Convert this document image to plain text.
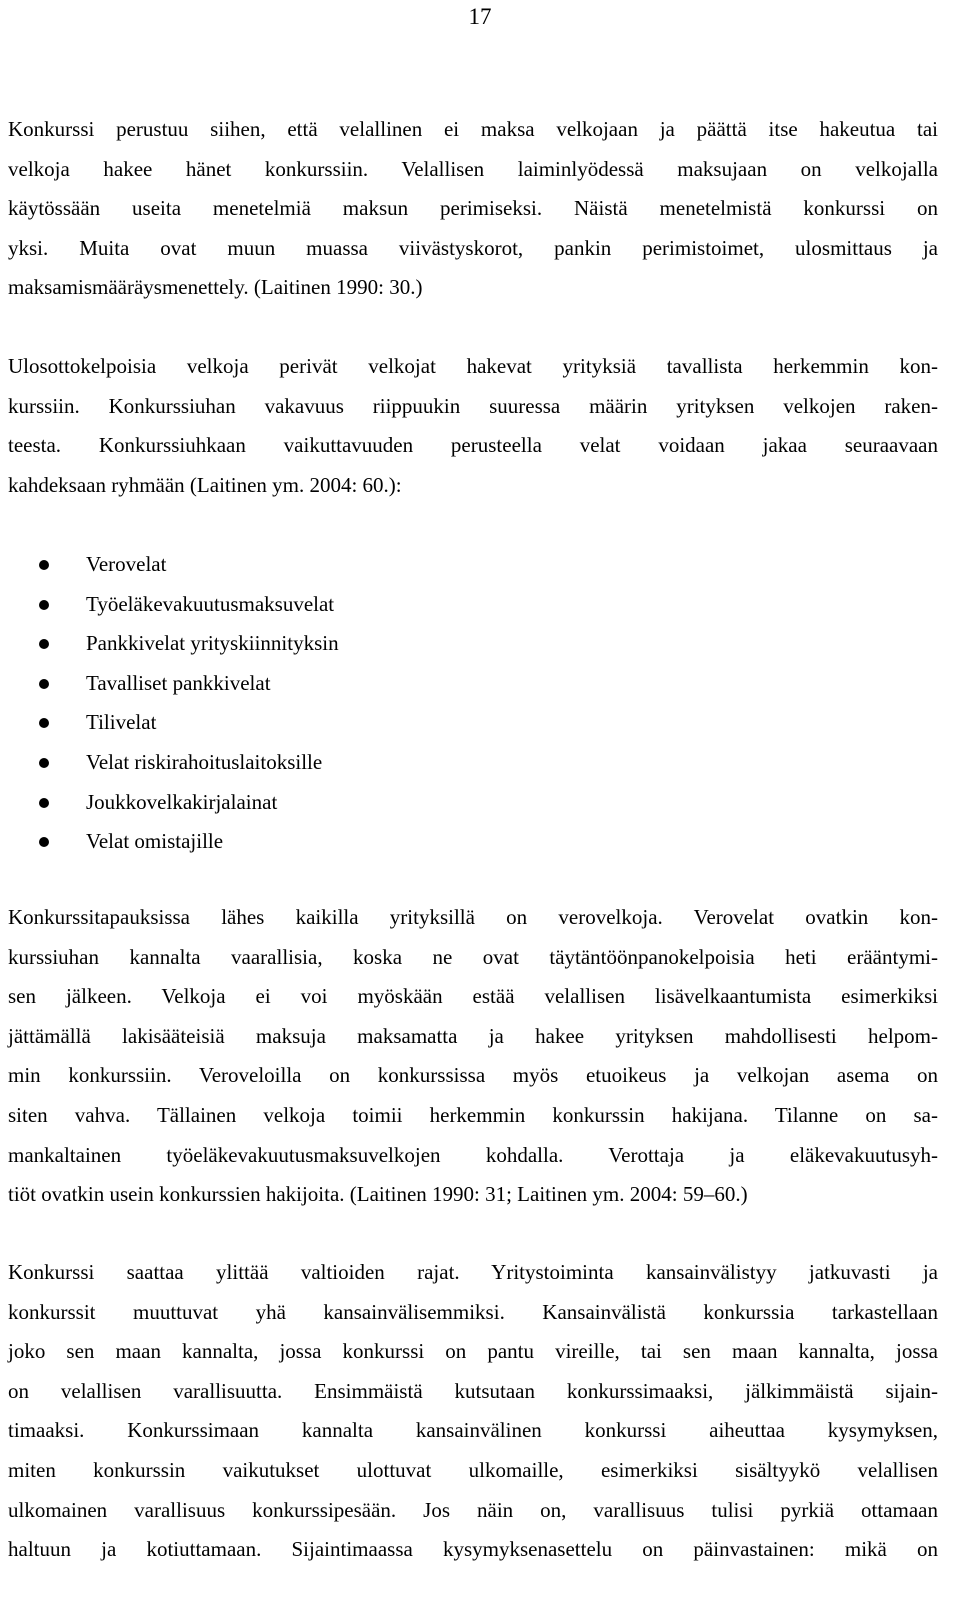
17
Konkurssi perustuu siihen, että velallinen ei maksa velkojaan ja päättä itse hakeutua tai
velkoja hakee hänet konkurssiin. Velallisen laiminlyödessä maksujaan on velkojalla
käytössään useita menetelmiä maksun perimiseksi. Näistä menetelmistä konkurssi on
yksi. Muita ovat muun muassa viivästyskorot, pankin perimistoimet, ulosmittaus ja
maksamismääräysmenettely. (Laitinen 1990: 30.)
Ulosottokelpoisia velkoja perivät velkojat hakevat yrityksiä tavallista herkemmin kon-
kurssiin. Konkurssiuhan vakavuus riippuukin suuressa määrin yrityksen velkojen raken-
teesta. Konkurssiuhkaan vaikuttavuuden perusteella velat voidaan jakaa seuraavaan
kahdeksaan ryhmään (Laitinen ym. 2004: 60.):
Verovelat
Työeläkevakuutusmaksuvelat
Pankkivelat yrityskiinnityksin
Tavalliset pankkivelat
Tilivelat
Velat riskirahoituslaitoksille
Joukkovelkakirjalainat
Velat omistajille
Konkurssitapauksissa lähes kaikilla yrityksillä on verovelkoja. Verovelat ovatkin kon-
kurssiuhan kannalta vaarallisia, koska ne ovat täytäntöönpanokelpoisia heti erääntymi-
sen jälkeen. Velkoja ei voi myöskään estää velallisen lisävelkaantumista esimerkiksi
jättämällä lakisääteisiä maksuja maksamatta ja hakee yrityksen mahdollisesti helpom-
min konkurssiin. Veroveloilla on konkurssissa myös etuoikeus ja velkojan asema on
siten vahva. Tällainen velkoja toimii herkemmin konkurssin hakijana. Tilanne on sa-
mankaltainen työeläkevakuutusmaksuvelkojen kohdalla. Verottaja ja eläkevakuutusyh-
tiöt ovatkin usein konkurssien hakijoita. (Laitinen 1990: 31; Laitinen ym. 2004: 59–60.)
Konkurssi saattaa ylittää valtioiden rajat. Yritystoiminta kansainvälistyy jatkuvasti ja
konkurssit muuttuvat yhä kansainvälisemmiksi. Kansainvälistä konkurssia tarkastellaan
joko sen maan kannalta, jossa konkurssi on pantu vireille, tai sen maan kannalta, jossa
on velallisen varallisuutta. Ensimmäistä kutsutaan konkurssimaaksi, jälkimmäistä sijain-
timaaksi. Konkurssimaan kannalta kansainvälinen konkurssi aiheuttaa kysymyksen,
miten konkurssin vaikutukset ulottuvat ulkomaille, esimerkiksi sisältyykö velallisen
ulkomainen varallisuus konkurssipesään. Jos näin on, varallisuus tulisi pyrkiä ottamaan
haltuun ja kotiuttamaan. Sijaintimaassa kysymyksenasettelu on päinvastainen: mikä on
